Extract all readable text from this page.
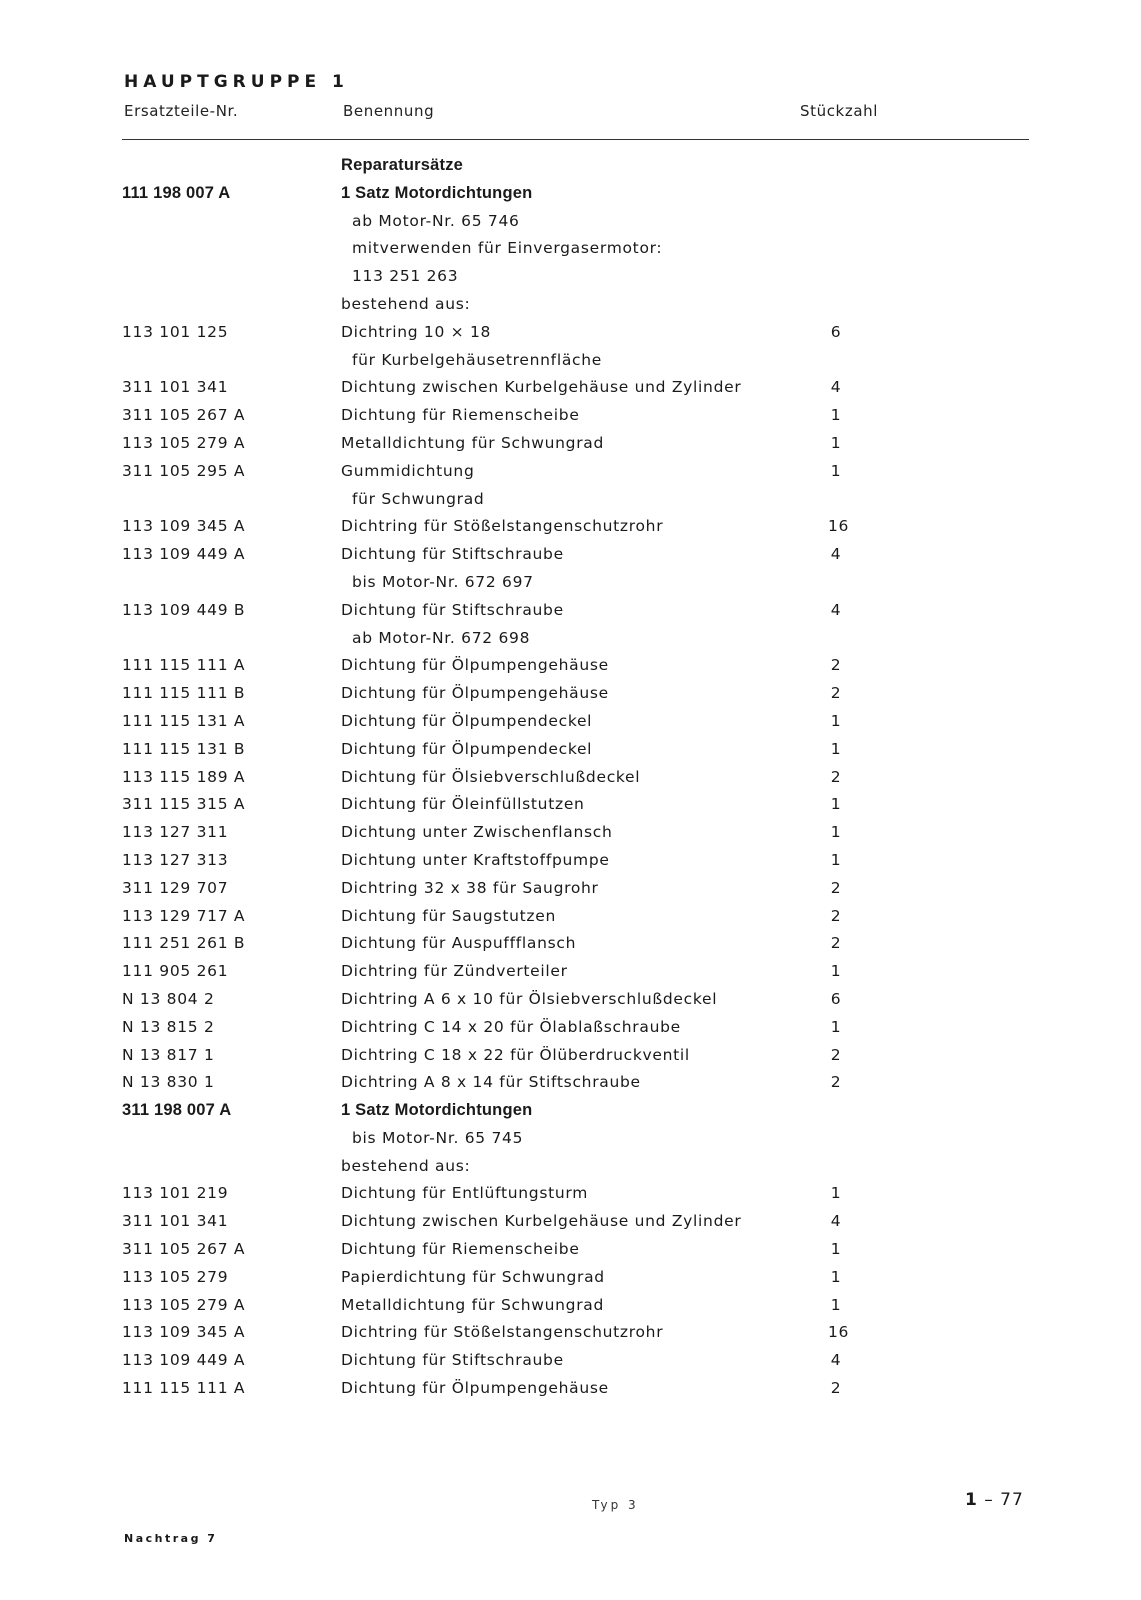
HAUPTGRUPPE 1
Ersatzteile-Nr.	Benennung	Stückzahl
Reparatursätze
111 198 007 A	1 Satz Motordichtungen
ab Motor-Nr. 65 746
mitverwenden für Einvergasermotor:
113 251 263
bestehend aus:
113 101 125	Dichtring 10 × 18	6
für Kurbelgehäusetrennfläche
311 101 341	Dichtung zwischen Kurbelgehäuse und Zylinder	4
311 105 267 A	Dichtung für Riemenscheibe	1
113 105 279 A	Metalldichtung für Schwungrad	1
311 105 295 A	Gummidichtung	1
für Schwungrad
113 109 345 A	Dichtring für Stößelstangenschutzrohr	16
113 109 449 A	Dichtung für Stiftschraube	4
bis Motor-Nr. 672 697
113 109 449 B	Dichtung für Stiftschraube	4
ab Motor-Nr. 672 698
111 115 111 A	Dichtung für Ölpumpengehäuse	2
111 115 111 B	Dichtung für Ölpumpengehäuse	2
111 115 131 A	Dichtung für Ölpumpendeckel	1
111 115 131 B	Dichtung für Ölpumpendeckel	1
113 115 189 A	Dichtung für Ölsiebverschlußdeckel	2
311 115 315 A	Dichtung für Öleinfüllstutzen	1
113 127 311	Dichtung unter Zwischenflansch	1
113 127 313	Dichtung unter Kraftstoffpumpe	1
311 129 707	Dichtring 32 x 38 für Saugrohr	2
113 129 717 A	Dichtung für Saugstutzen	2
111 251 261 B	Dichtung für Auspuffflansch	2
111 905 261	Dichtring für Zündverteiler	1
N 13 804 2	Dichtring A 6 x 10 für Ölsiebverschlußdeckel	6
N 13 815 2	Dichtring C 14 x 20 für Ölablaßschraube	1
N 13 817 1	Dichtring C 18 x 22 für Ölüberdruckventil	2
N 13 830 1	Dichtring A 8 x 14 für Stiftschraube	2
311 198 007 A	1 Satz Motordichtungen
bis Motor-Nr. 65 745
bestehend aus:
113 101 219	Dichtung für Entlüftungsturm	1
311 101 341	Dichtung zwischen Kurbelgehäuse und Zylinder	4
311 105 267 A	Dichtung für Riemenscheibe	1
113 105 279	Papierdichtung für Schwungrad	1
113 105 279 A	Metalldichtung für Schwungrad	1
113 109 345 A	Dichtring für Stößelstangenschutzrohr	16
113 109 449 A	Dichtung für Stiftschraube	4
111 115 111 A	Dichtung für Ölpumpengehäuse	2
Typ 3	1 – 77
Nachtrag 7
